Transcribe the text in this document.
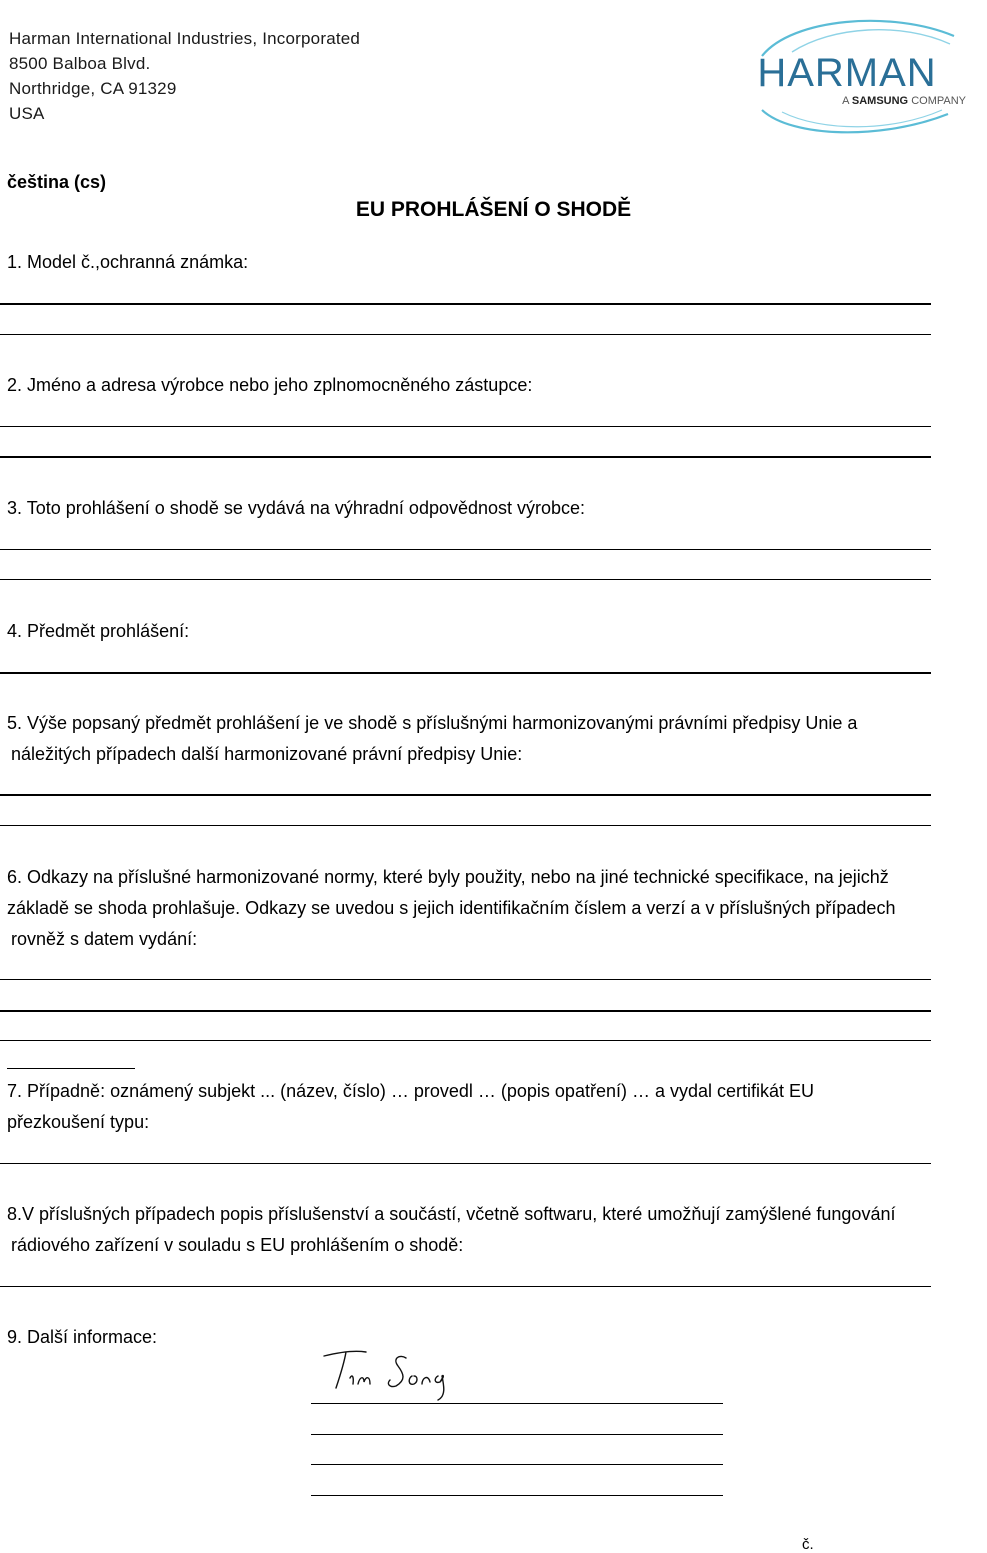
Harman International Industries, Incorporated
8500 Balboa Blvd.
Northridge, CA 91329
USA
HARMAN
A SAMSUNG COMPANY
čeština (cs)
EU PROHLÁŠENÍ O SHODĚ
1. Model č.,ochranná známka:
2. Jméno a adresa výrobce nebo jeho zplnomocněného zástupce:
3. Toto prohlášení o shodě se vydává na výhradní odpovědnost výrobce:
4. Předmět prohlášení:
5. Výše popsaný předmět prohlášení je ve shodě s příslušnými harmonizovanými právními předpisy Unie a
náležitých případech další harmonizované právní předpisy Unie:
6. Odkazy na příslušné harmonizované normy, které byly použity, nebo na jiné technické specifikace, na jejichž
základě se shoda prohlašuje. Odkazy se uvedou s jejich identifikačním číslem a verzí a v příslušných případech
rovněž s datem vydání:
7. Případně: oznámený subjekt ... (název, číslo) … provedl … (popis opatření) … a vydal certifikát EU
přezkoušení typu:
8.V příslušných případech popis příslušenství a součástí, včetně softwaru, které umožňují zamýšlené fungování
rádiového zařízení v souladu s EU prohlášením o shodě:
9. Další informace:
č.
